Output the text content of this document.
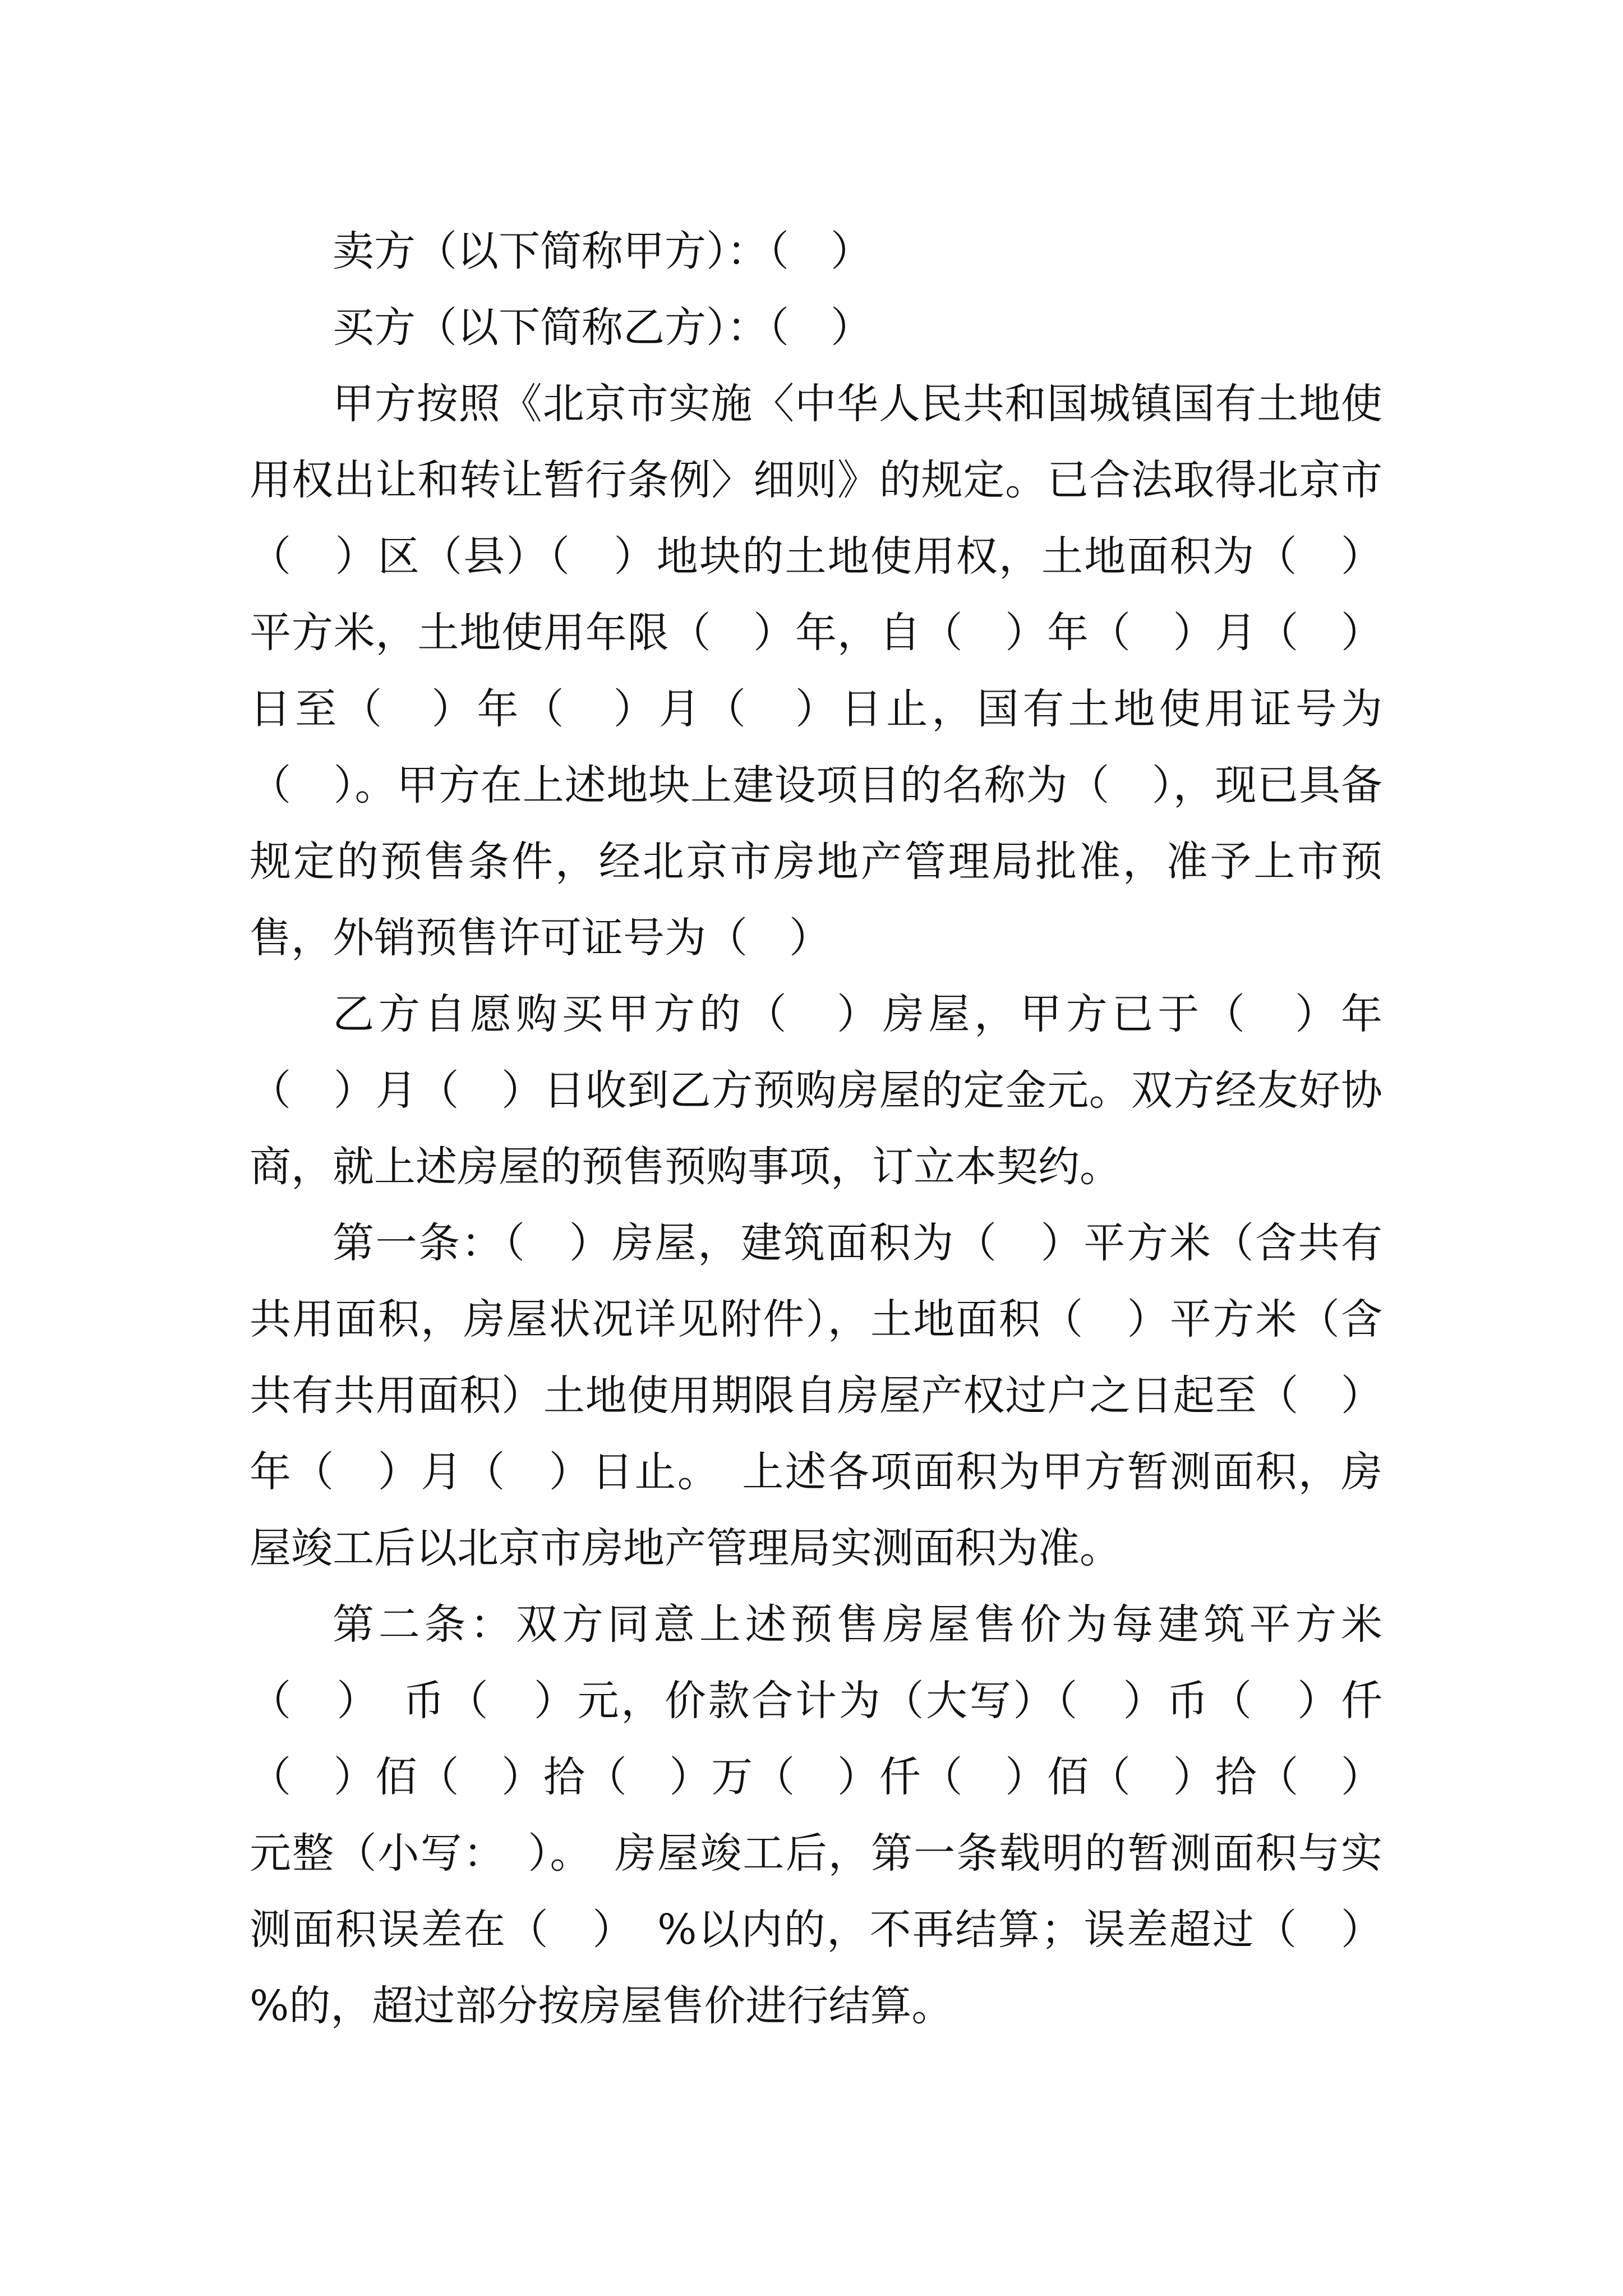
卖方（以下简称甲方）：（　）

买方（以下简称乙方）：（　）

甲方按照《北京市实施〈中华人民共和国城镇国有土地使用权出让和转让暂行条例〉细则》的规定。已合法取得北京市（　）区（县）（　）地块的土地使用权，土地面积为（　）平方米，土地使用年限（　）年，自（　）年（　）月（　）日至（　）年（　）月（　）日止，国有土地使用证号为（　）。甲方在上述地块上建设项目的名称为（　），现已具备规定的预售条件，经北京市房地产管理局批准，准予上市预售，外销预售许可证号为（　）

乙方自愿购买甲方的（　）房屋，甲方已于（　）年（　）月（　）日收到乙方预购房屋的定金元。双方经友好协商，就上述房屋的预售预购事项，订立本契约。

第一条：（　）房屋，建筑面积为（　）平方米（含共有共用面积，房屋状况详见附件），土地面积（　）平方米（含共有共用面积）土地使用期限自房屋产权过户之日起至（　）年（　）月（　）日止。　上述各项面积为甲方暂测面积，房屋竣工后以北京市房地产管理局实测面积为准。

第二条：双方同意上述预售房屋售价为每建筑平方米（　）　币（　）元，价款合计为（大写）（　）币（　）仟（　）佰（　）拾（　）万（　）仟（　）佰（　）拾（　）元整（小写：　）。　房屋竣工后，第一条载明的暂测面积与实测面积误差在（　）　%以内的，不再结算；误差超过（　）%的，超过部分按房屋售价进行结算。
